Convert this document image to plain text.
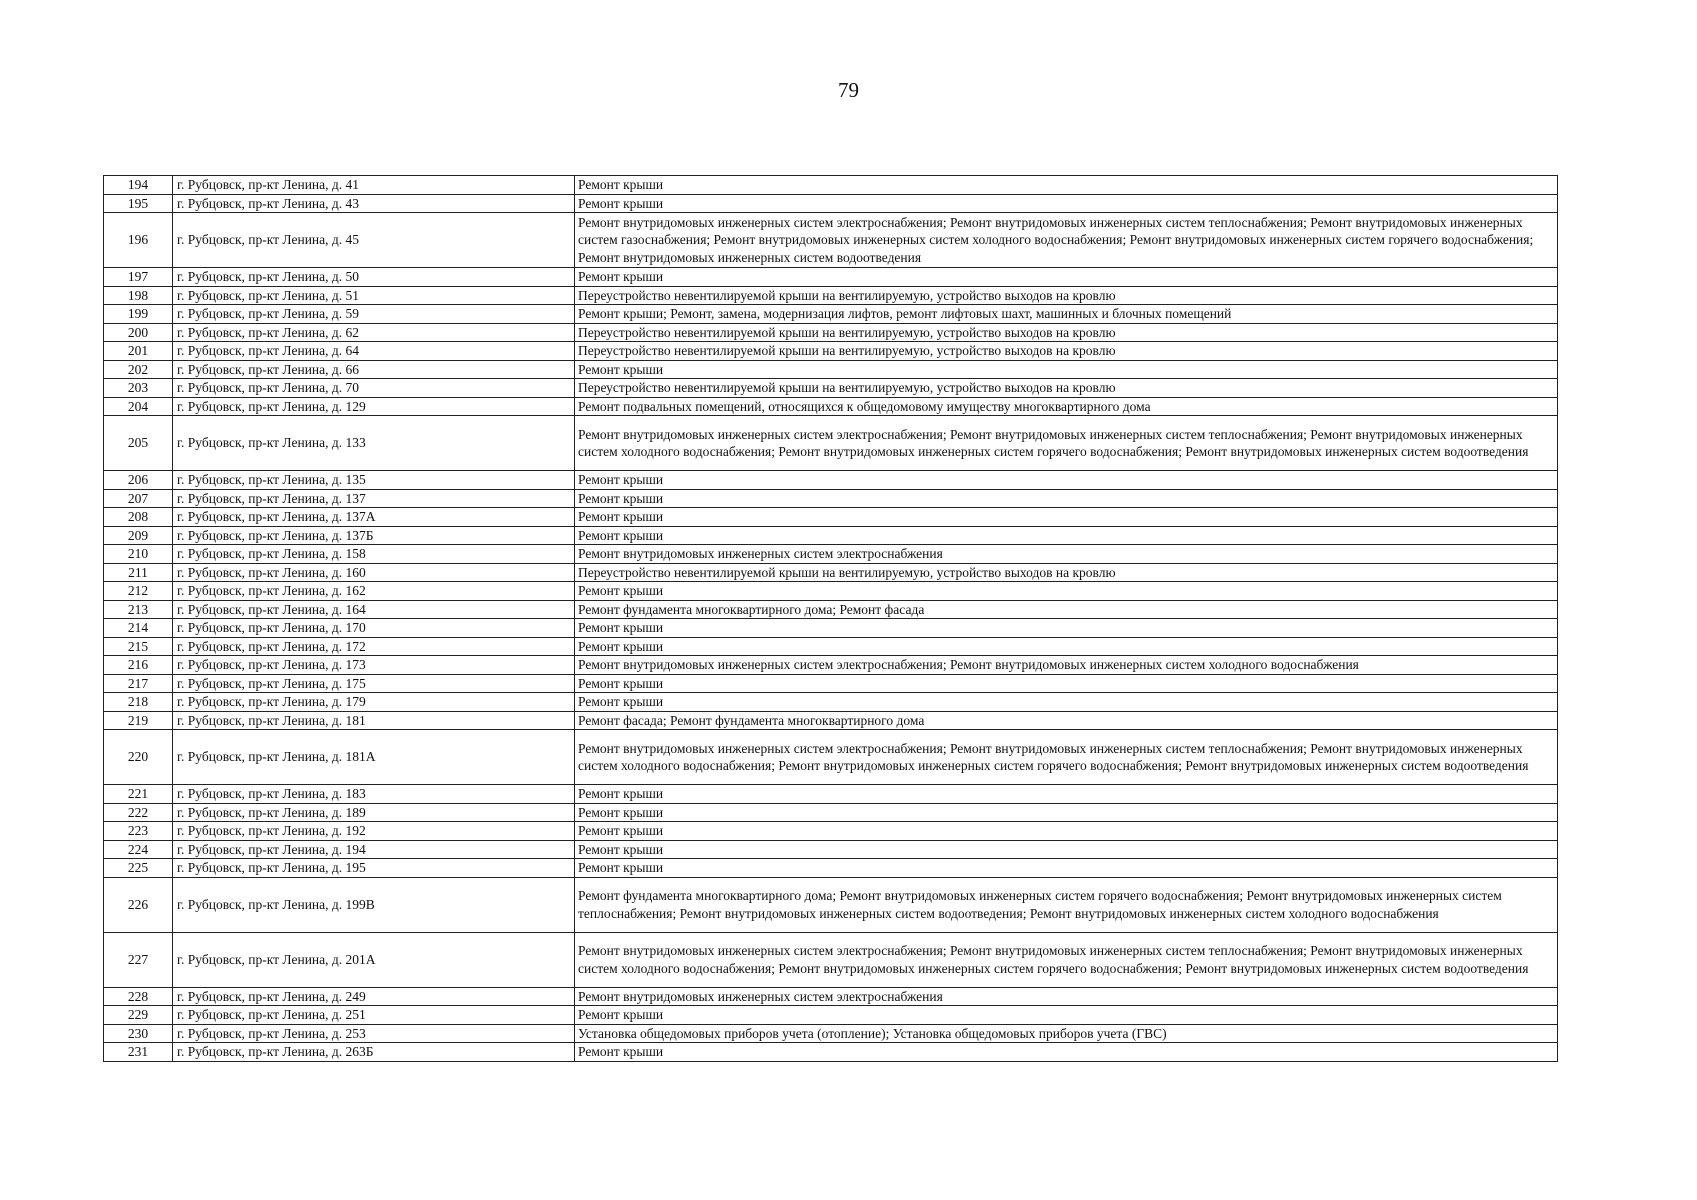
79
194	г. Рубцовск, пр-кт Ленина, д. 41	Ремонт крыши
195	г. Рубцовск, пр-кт Ленина, д. 43	Ремонт крыши
196	г. Рубцовск, пр-кт Ленина, д. 45	Ремонт внутридомовых инженерных систем электроснабжения; Ремонт внутридомовых инженерных систем теплоснабжения; Ремонт внутридомовых инженерных систем газоснабжения; Ремонт внутридомовых инженерных систем холодного водоснабжения; Ремонт внутридомовых инженерных систем горячего водоснабжения; Ремонт внутридомовых инженерных систем водоотведения
197	г. Рубцовск, пр-кт Ленина, д. 50	Ремонт крыши
198	г. Рубцовск, пр-кт Ленина, д. 51	Переустройство невентилируемой крыши на вентилируемую, устройство выходов на кровлю
199	г. Рубцовск, пр-кт Ленина, д. 59	Ремонт крыши; Ремонт, замена, модернизация лифтов, ремонт лифтовых шахт, машинных и блочных помещений
200	г. Рубцовск, пр-кт Ленина, д. 62	Переустройство невентилируемой крыши на вентилируемую, устройство выходов на кровлю
201	г. Рубцовск, пр-кт Ленина, д. 64	Переустройство невентилируемой крыши на вентилируемую, устройство выходов на кровлю
202	г. Рубцовск, пр-кт Ленина, д. 66	Ремонт крыши
203	г. Рубцовск, пр-кт Ленина, д. 70	Переустройство невентилируемой крыши на вентилируемую, устройство выходов на кровлю
204	г. Рубцовск, пр-кт Ленина, д. 129	Ремонт подвальных помещений, относящихся к общедомовому имуществу многоквартирного дома
205	г. Рубцовск, пр-кт Ленина, д. 133	Ремонт внутридомовых инженерных систем электроснабжения; Ремонт внутридомовых инженерных систем теплоснабжения; Ремонт внутридомовых инженерных систем холодного водоснабжения; Ремонт внутридомовых инженерных систем горячего водоснабжения; Ремонт внутридомовых инженерных систем водоотведения
206	г. Рубцовск, пр-кт Ленина, д. 135	Ремонт крыши
207	г. Рубцовск, пр-кт Ленина, д. 137	Ремонт крыши
208	г. Рубцовск, пр-кт Ленина, д. 137А	Ремонт крыши
209	г. Рубцовск, пр-кт Ленина, д. 137Б	Ремонт крыши
210	г. Рубцовск, пр-кт Ленина, д. 158	Ремонт внутридомовых инженерных систем электроснабжения
211	г. Рубцовск, пр-кт Ленина, д. 160	Переустройство невентилируемой крыши на вентилируемую, устройство выходов на кровлю
212	г. Рубцовск, пр-кт Ленина, д. 162	Ремонт крыши
213	г. Рубцовск, пр-кт Ленина, д. 164	Ремонт фундамента многоквартирного дома; Ремонт фасада
214	г. Рубцовск, пр-кт Ленина, д. 170	Ремонт крыши
215	г. Рубцовск, пр-кт Ленина, д. 172	Ремонт крыши
216	г. Рубцовск, пр-кт Ленина, д. 173	Ремонт внутридомовых инженерных систем электроснабжения; Ремонт внутридомовых инженерных систем холодного водоснабжения
217	г. Рубцовск, пр-кт Ленина, д. 175	Ремонт крыши
218	г. Рубцовск, пр-кт Ленина, д. 179	Ремонт крыши
219	г. Рубцовск, пр-кт Ленина, д. 181	Ремонт фасада; Ремонт фундамента многоквартирного дома
220	г. Рубцовск, пр-кт Ленина, д. 181А	Ремонт внутридомовых инженерных систем электроснабжения; Ремонт внутридомовых инженерных систем теплоснабжения; Ремонт внутридомовых инженерных систем холодного водоснабжения; Ремонт внутридомовых инженерных систем горячего водоснабжения; Ремонт внутридомовых инженерных систем водоотведения
221	г. Рубцовск, пр-кт Ленина, д. 183	Ремонт крыши
222	г. Рубцовск, пр-кт Ленина, д. 189	Ремонт крыши
223	г. Рубцовск, пр-кт Ленина, д. 192	Ремонт крыши
224	г. Рубцовск, пр-кт Ленина, д. 194	Ремонт крыши
225	г. Рубцовск, пр-кт Ленина, д. 195	Ремонт крыши
226	г. Рубцовск, пр-кт Ленина, д. 199В	Ремонт фундамента многоквартирного дома; Ремонт внутридомовых инженерных систем горячего водоснабжения; Ремонт внутридомовых инженерных систем теплоснабжения; Ремонт внутридомовых инженерных систем водоотведения; Ремонт внутридомовых инженерных систем холодного водоснабжения
227	г. Рубцовск, пр-кт Ленина, д. 201А	Ремонт внутридомовых инженерных систем электроснабжения; Ремонт внутридомовых инженерных систем теплоснабжения; Ремонт внутридомовых инженерных систем холодного водоснабжения; Ремонт внутридомовых инженерных систем горячего водоснабжения; Ремонт внутридомовых инженерных систем водоотведения
228	г. Рубцовск, пр-кт Ленина, д. 249	Ремонт внутридомовых инженерных систем электроснабжения
229	г. Рубцовск, пр-кт Ленина, д. 251	Ремонт крыши
230	г. Рубцовск, пр-кт Ленина, д. 253	Установка общедомовых приборов учета (отопление); Установка общедомовых приборов учета (ГВС)
231	г. Рубцовск, пр-кт Ленина, д. 263Б	Ремонт крыши
